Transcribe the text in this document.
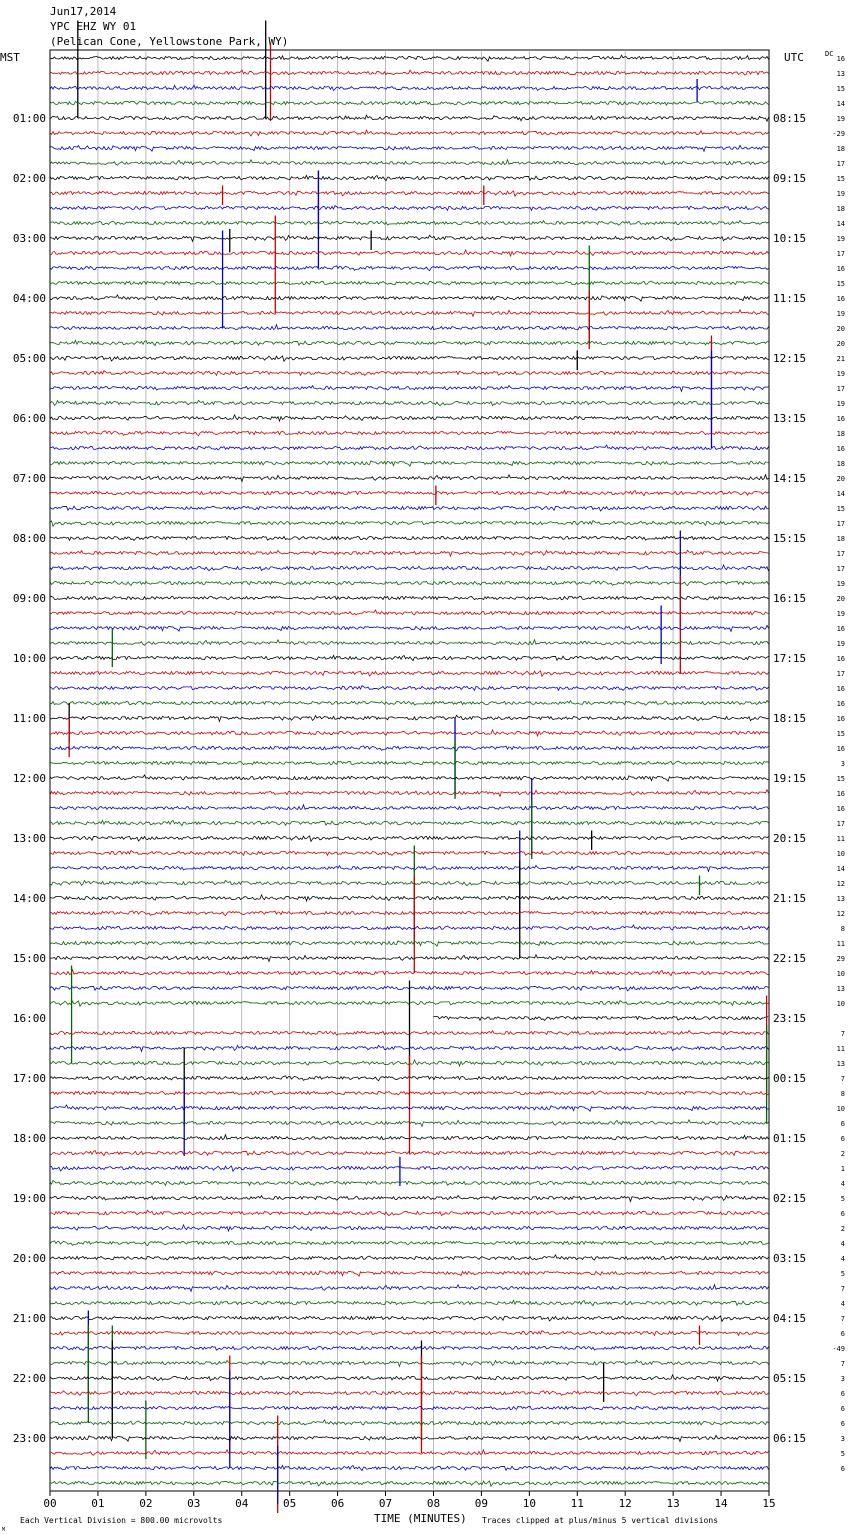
Jun17,2014
YPC EHZ WY 01
(Pelican Cone, Yellowstone Park, WY)
MST	UTC	DC
Each Vertical Division = 800.00 microvolts	TIME (MINUTES) Traces clipped at plus/minus 5 vertical divisions
M
00	01	02	03	04	05	06	07	08	09	10	11	12	13	14	15
16
13
15
14
19
-29
18
17
15
19
18
14
19
17
16
15
16
19
20
20
21
19
17
19
16
18
16
18
20
14
15
17
18
17
17
19
20
19
16
19
16
17
16
16
16
15
16
3
15
16
16
17
11
10
14
12
13
12
8
11
29
10
13
10
7
11
13
7
8
10
6
6
2
1
4
5
6
2
4
4
5
7
4
7
6
-49
7
3
6
6
6
3
5
6
01:00
02:00
03:00
04:00
05:00
06:00
07:00
08:00
09:00
10:00
11:00
12:00
13:00
14:00
15:00
16:00
17:00
18:00
19:00
20:00
21:00
22:00
23:00
08:15
09:15
10:15
11:15
12:15
13:15
14:15
15:15
16:15
17:15
18:15
19:15
20:15
21:15
22:15
23:15
00:15
01:15
02:15
03:15
04:15
05:15
06:15
